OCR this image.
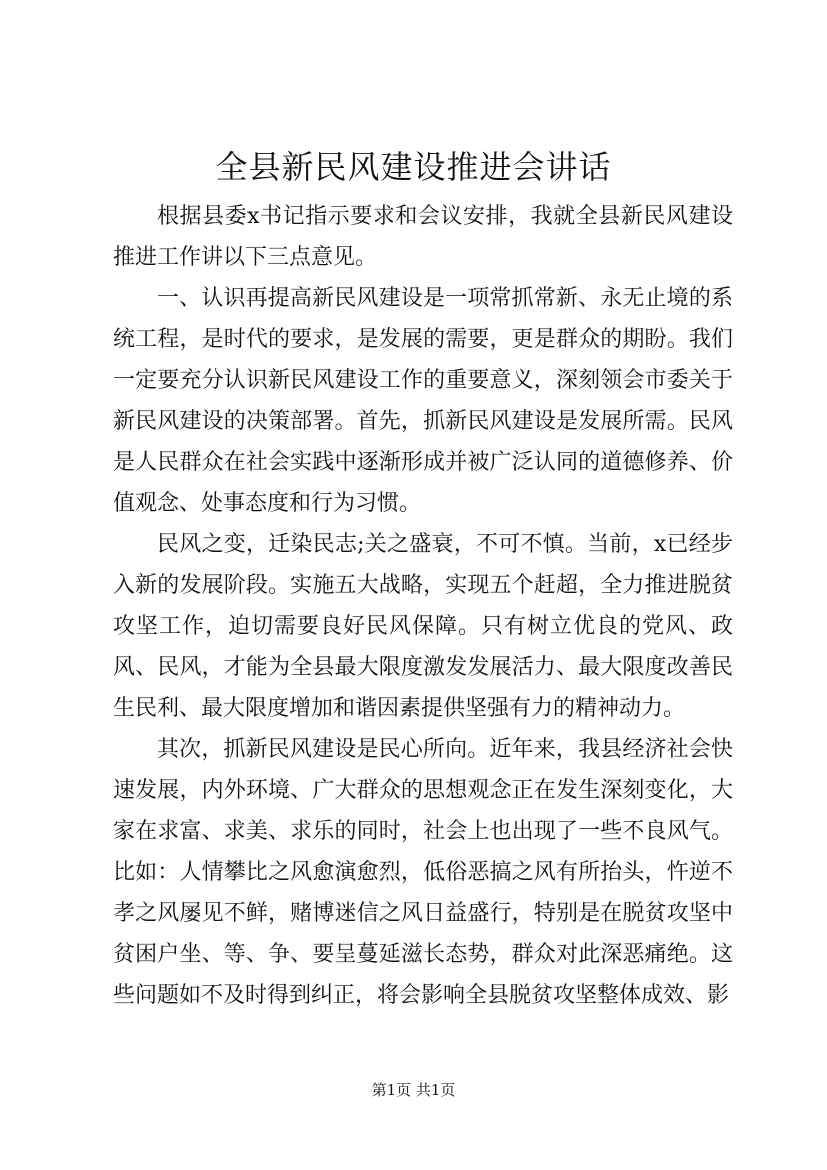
全县新民风建设推进会讲话

根据县委x书记指示要求和会议安排，我就全县新民风建设推进工作讲以下三点意见。

一、认识再提高新民风建设是一项常抓常新、永无止境的系统工程，是时代的要求，是发展的需要，更是群众的期盼。我们一定要充分认识新民风建设工作的重要意义，深刻领会市委关于新民风建设的决策部署。首先，抓新民风建设是发展所需。民风是人民群众在社会实践中逐渐形成并被广泛认同的道德修养、价值观念、处事态度和行为习惯。

民风之变，迁染民志;关之盛衰，不可不慎。当前，x已经步入新的发展阶段。实施五大战略，实现五个赶超，全力推进脱贫攻坚工作，迫切需要良好民风保障。只有树立优良的党风、政风、民风，才能为全县最大限度激发发展活力、最大限度改善民生民利、最大限度增加和谐因素提供坚强有力的精神动力。

其次，抓新民风建设是民心所向。近年来，我县经济社会快速发展，内外环境、广大群众的思想观念正在发生深刻变化，大家在求富、求美、求乐的同时，社会上也出现了一些不良风气。比如：人情攀比之风愈演愈烈，低俗恶搞之风有所抬头，忤逆不孝之风屡见不鲜，赌博迷信之风日益盛行，特别是在脱贫攻坚中贫困户坐、等、争、要呈蔓延滋长态势，群众对此深恶痛绝。这些问题如不及时得到纠正，将会影响全县脱贫攻坚整体成效、影

第1页 共1页
